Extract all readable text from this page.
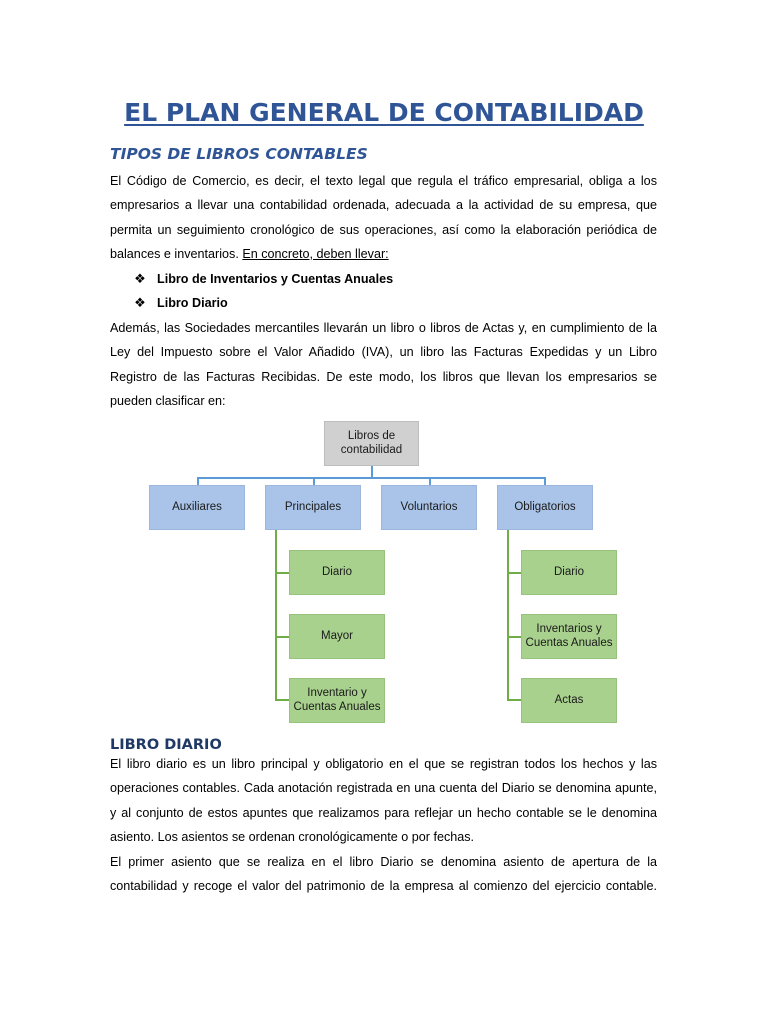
EL PLAN GENERAL DE CONTABILIDAD
TIPOS DE LIBROS CONTABLES

El Código de Comercio, es decir, el texto legal que regula el tráfico empresarial, obliga a los empresarios a llevar una contabilidad ordenada, adecuada a la actividad de su empresa, que permita un seguimiento cronológico de sus operaciones, así como la elaboración periódica de balances e inventarios. En concreto, deben llevar:

❖ Libro de Inventarios y Cuentas Anuales
❖ Libro Diario

Además, las Sociedades mercantiles llevarán un libro o libros de Actas y, en cumplimiento de la Ley del Impuesto sobre el Valor Añadido (IVA), un libro las Facturas Expedidas y un Libro Registro de las Facturas Recibidas. De este modo, los libros que llevan los empresarios se pueden clasificar en:

Libros de contabilidad
Auxiliares	Principales	Voluntarios	Obligatorios
Diario
Mayor
Inventario y Cuentas Anuales
Diario
Inventarios y Cuentas Anuales
Actas
LIBRO DIARIO

El libro diario es un libro principal y obligatorio en el que se registran todos los hechos y las operaciones contables. Cada anotación registrada en una cuenta del Diario se denomina apunte, y al conjunto de estos apuntes que realizamos para reflejar un hecho contable se le denomina asiento. Los asientos se ordenan cronológicamente o por fechas.

El primer asiento que se realiza en el libro Diario se denomina asiento de apertura de la contabilidad y recoge el valor del patrimonio de la empresa al comienzo del ejercicio contable.
